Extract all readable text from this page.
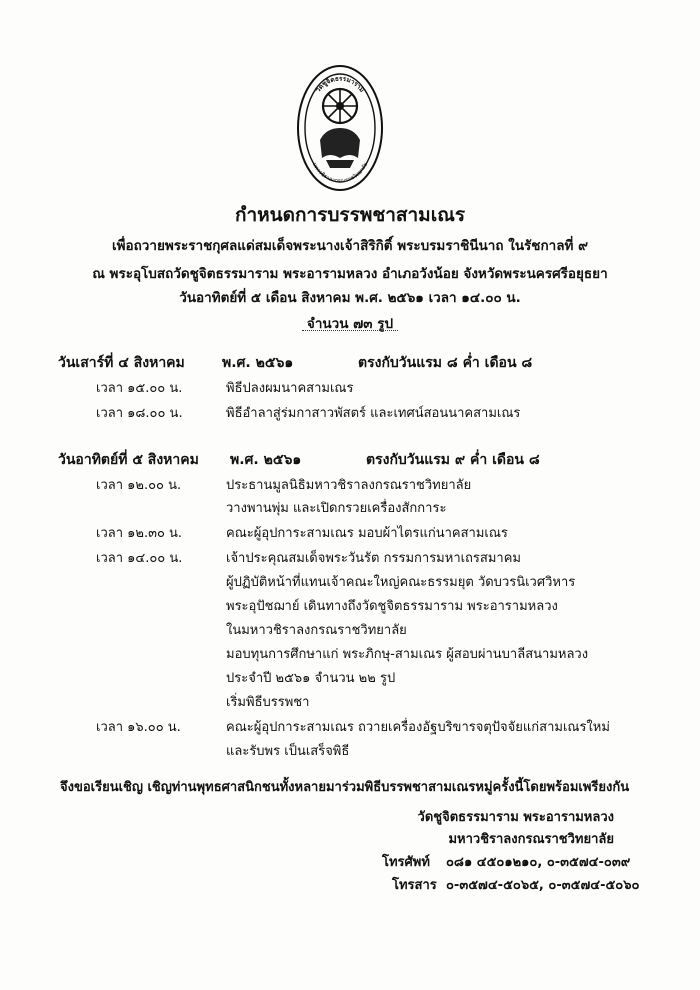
วัดชูจิตธรรมาราม
มหาวชิราลงกรณราชวิทยาลัย
กำหนดการบรรพชาสามเณร
เพื่อถวายพระราชกุศลแด่สมเด็จพระนางเจ้าสิริกิติ์ พระบรมราชินีนาถ ในรัชกาลที่ ๙
ณ พระอุโบสถวัดชูจิตธรรมาราม พระอารามหลวง อำเภอวังน้อย จังหวัดพระนครศรีอยุธยา
วันอาทิตย์ที่ ๕ เดือน สิงหาคม พ.ศ. ๒๕๖๑ เวลา ๑๔.๐๐ น.
จำนวน ๗๓ รูป
วันเสาร์ที่ ๔ สิงหาคม	พ.ศ. ๒๕๖๑	ตรงกับวันแรม ๘ ค่ำ เดือน ๘
เวลา ๑๕.๐๐ น.	พิธีปลงผมนาคสามเณร
เวลา ๑๘.๐๐ น.	พิธีอำลาสู่ร่มกาสาวพัสตร์ และเทศน์สอนนาคสามเณร
วันอาทิตย์ที่ ๕ สิงหาคม พ.ศ. ๒๕๖๑	ตรงกับวันแรม ๙ ค่ำ เดือน ๘
เวลา ๑๒.๐๐ น.	ประธานมูลนิธิมหาวชิราลงกรณราชวิทยาลัย
วางพานพุ่ม และเปิดกรวยเครื่องสักการะ
เวลา ๑๒.๓๐ น.	คณะผู้อุปการะสามเณร มอบผ้าไตรแก่นาคสามเณร
เวลา ๑๔.๐๐ น.	เจ้าประคุณสมเด็จพระวันรัต กรรมการมหาเถรสมาคม
ผู้ปฏิบัติหน้าที่แทนเจ้าคณะใหญ่คณะธรรมยุต วัดบวรนิเวศวิหาร
พระอุปัชฌาย์ เดินทางถึงวัดชูจิตธรรมาราม พระอารามหลวง
ในมหาวชิราลงกรณราชวิทยาลัย
มอบทุนการศึกษาแก่ พระภิกษุ-สามเณร ผู้สอบผ่านบาลีสนามหลวง
ประจำปี ๒๕๖๑ จำนวน ๒๒ รูป
เริ่มพิธีบรรพชา
เวลา ๑๖.๐๐ น.	คณะผู้อุปการะสามเณร ถวายเครื่องอัฐบริขารจตุปัจจัยแก่สามเณรใหม่
และรับพร เป็นเสร็จพิธี
จึงขอเรียนเชิญ เชิญท่านพุทธศาสนิกชนทั้งหลายมาร่วมพิธีบรรพชาสามเณรหมู่ครั้งนี้โดยพร้อมเพรียงกัน
วัดชูจิตธรรมาราม พระอารามหลวง
มหาวชิราลงกรณราชวิทยาลัย
โทรศัพท์ ๐๘๑ ๔๕๐๑๒๑๐, ๐-๓๕๗๔-๐๓๙
โทรสาร ๐-๓๕๗๔-๕๐๖๕, ๐-๓๕๗๔-๕๐๖๐
